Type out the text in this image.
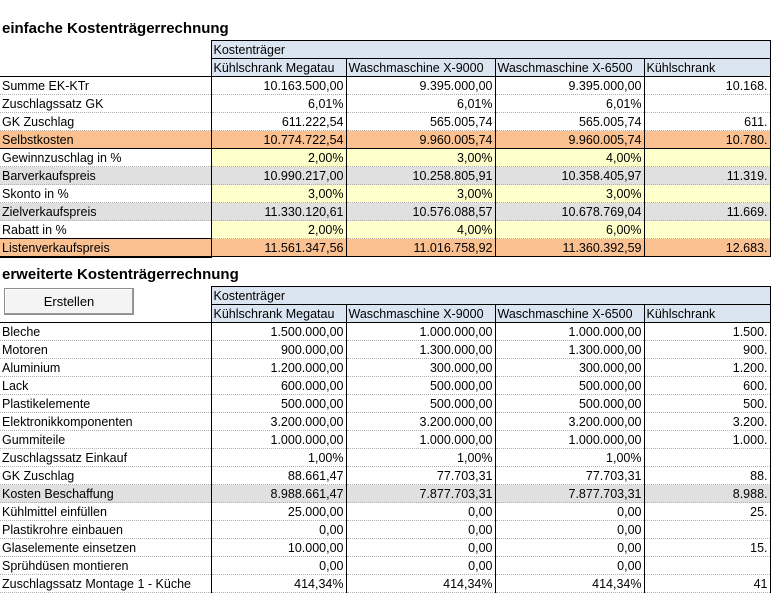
einfache Kostenträgerrechnung
	Kostenträger			
	Kühlschrank Megatau	Waschmaschine X-9000	Waschmaschine X-6500	Kühlschrank
Summe EK-KTr	10.163.500,00	9.395.000,00	9.395.000,00	10.168.
Zuschlagssatz GK	6,01%	6,01%	6,01%	
GK Zuschlag	611.222,54	565.005,74	565.005,74	611.
Selbstkosten	10.774.722,54	9.960.005,74	9.960.005,74	10.780.
Gewinnzuschlag in %	2,00%	3,00%	4,00%	
Barverkaufspreis	10.990.217,00	10.258.805,91	10.358.405,97	11.319.
Skonto in %	3,00%	3,00%	3,00%	
Zielverkaufspreis	11.330.120,61	10.576.088,57	10.678.769,04	11.669.
Rabatt in %	2,00%	4,00%	6,00%	
Listenverkaufspreis	11.561.347,56	11.016.758,92	11.360.392,59	12.683.
erweiterte Kostenträgerrechnung
Erstellen
		Kostenträger			
	Kühlschrank Megatau	Waschmaschine X-9000	Waschmaschine X-6500	Kühlschrank
Bleche	1.500.000,00	1.000.000,00	1.000.000,00	1.500.
Motoren	900.000,00	1.300.000,00	1.300.000,00	900.
Aluminium	1.200.000,00	300.000,00	300.000,00	1.200.
Lack	600.000,00	500.000,00	500.000,00	600.
Plastikelemente	500.000,00	500.000,00	500.000,00	500.
Elektronikkomponenten	3.200.000,00	3.200.000,00	3.200.000,00	3.200.
Gummiteile	1.000.000,00	1.000.000,00	1.000.000,00	1.000.
Zuschlagssatz Einkauf	1,00%	1,00%	1,00%	
GK Zuschlag	88.661,47	77.703,31	77.703,31	88.
Kosten Beschaffung	8.988.661,47	7.877.703,31	7.877.703,31	8.988.
Kühlmittel einfüllen	25.000,00	0,00	0,00	25.
Plastikrohre einbauen	0,00	0,00	0,00	
Glaselemente einsetzen	10.000,00	0,00	0,00	15.
Sprühdüsen montieren	0,00	0,00	0,00	
Zuschlagssatz Montage 1 - Küche	414,34%	414,34%	414,34%	41
